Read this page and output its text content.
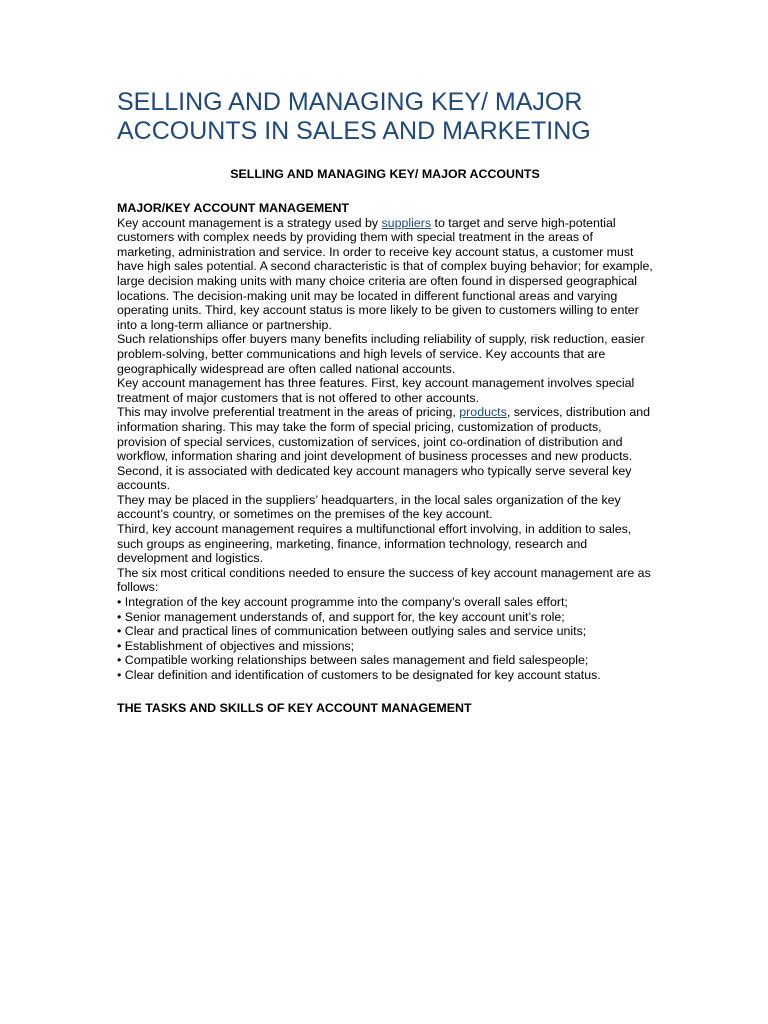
SELLING AND MANAGING KEY/ MAJOR ACCOUNTS IN SALES AND MARKETING
SELLING AND MANAGING KEY/ MAJOR ACCOUNTS
MAJOR/KEY ACCOUNT MANAGEMENT

Key account management is a strategy used by suppliers to target and serve high-potential customers with complex needs by providing them with special treatment in the areas of marketing, administration and service. In order to receive key account status, a customer must have high sales potential. A second characteristic is that of complex buying behavior; for example, large decision making units with many choice criteria are often found in dispersed geographical locations. The decision-making unit may be located in different functional areas and varying operating units. Third, key account status is more likely to be given to customers willing to enter into a long-term alliance or partnership.

Such relationships offer buyers many benefits including reliability of supply, risk reduction, easier problem-solving, better communications and high levels of service. Key accounts that are geographically widespread are often called national accounts.

Key account management has three features. First, key account management involves special treatment of major customers that is not offered to other accounts.

This may involve preferential treatment in the areas of pricing, products, services, distribution and information sharing. This may take the form of special pricing, customization of products, provision of special services, customization of services, joint co-ordination of distribution and workflow, information sharing and joint development of business processes and new products. Second, it is associated with dedicated key account managers who typically serve several key accounts.

They may be placed in the suppliers’ headquarters, in the local sales organization of the key account’s country, or sometimes on the premises of the key account.

Third, key account management requires a multifunctional effort involving, in addition to sales, such groups as engineering, marketing, finance, information technology, research and development and logistics.

The six most critical conditions needed to ensure the success of key account management are as follows:

• Integration of the key account programme into the company’s overall sales effort;
• Senior management understands of, and support for, the key account unit’s role;
• Clear and practical lines of communication between outlying sales and service units;
• Establishment of objectives and missions;
• Compatible working relationships between sales management and field salespeople;
• Clear definition and identification of customers to be designated for key account status.
THE TASKS AND SKILLS OF KEY ACCOUNT MANAGEMENT
